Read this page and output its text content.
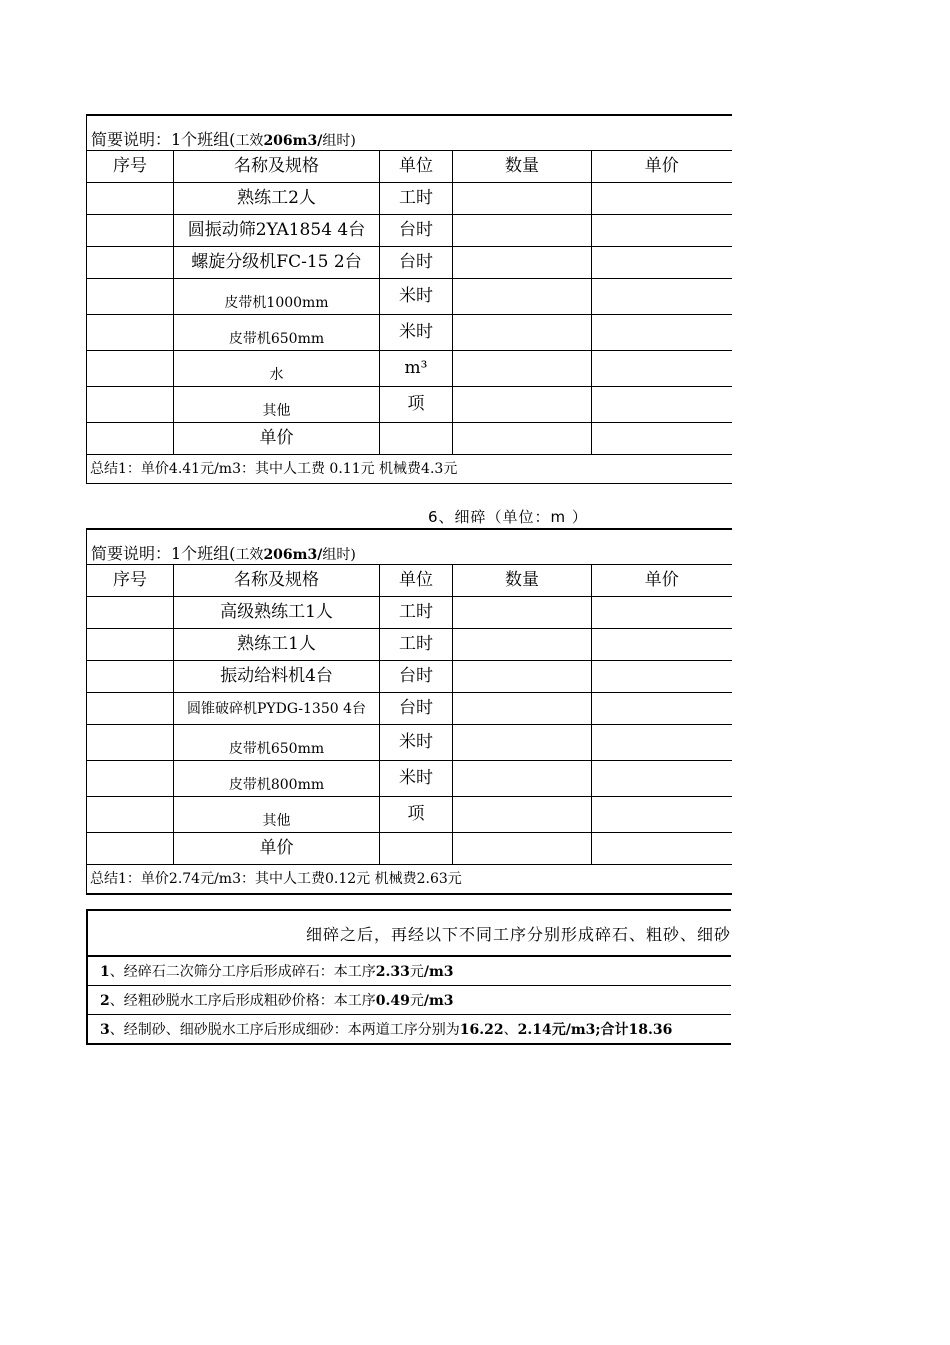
简要说明：1个班组(工效206m3/组时)				
序号	名称及规格	单位	数量	单价
	熟练工2人	工时		
	圆振动筛2YA1854 4台	台时		
	螺旋分级机FC-15 2台	台时		
	皮带机1000mm	米时		
	皮带机650mm	米时		
	水	m³		
	其他	项		
	单价			
总结1：单价4.41元/m3：其中人工费 0.11元 机械费4.3元				
6、细碎（单位：m ）
简要说明：1个班组(工效206m3/组时)				
序号	名称及规格	单位	数量	单价
	高级熟练工1人	工时		
	熟练工1人	工时		
	振动给料机4台	台时		
	圆锥破碎机PYDG-1350 4台	台时		
	皮带机650mm	米时		
	皮带机800mm	米时		
	其他	项		
	单价			
总结1：单价2.74元/m3：其中人工费0.12元 机械费2.63元				
细碎之后，再经以下不同工序分别形成碎石、粗砂、细砂
1、经碎石二次筛分工序后形成碎石：本工序2.33元/m3
2、经粗砂脱水工序后形成粗砂价格：本工序0.49元/m3
3、经制砂、细砂脱水工序后形成细砂：本两道工序分别为16.22、2.14元/m3;合计18.36
